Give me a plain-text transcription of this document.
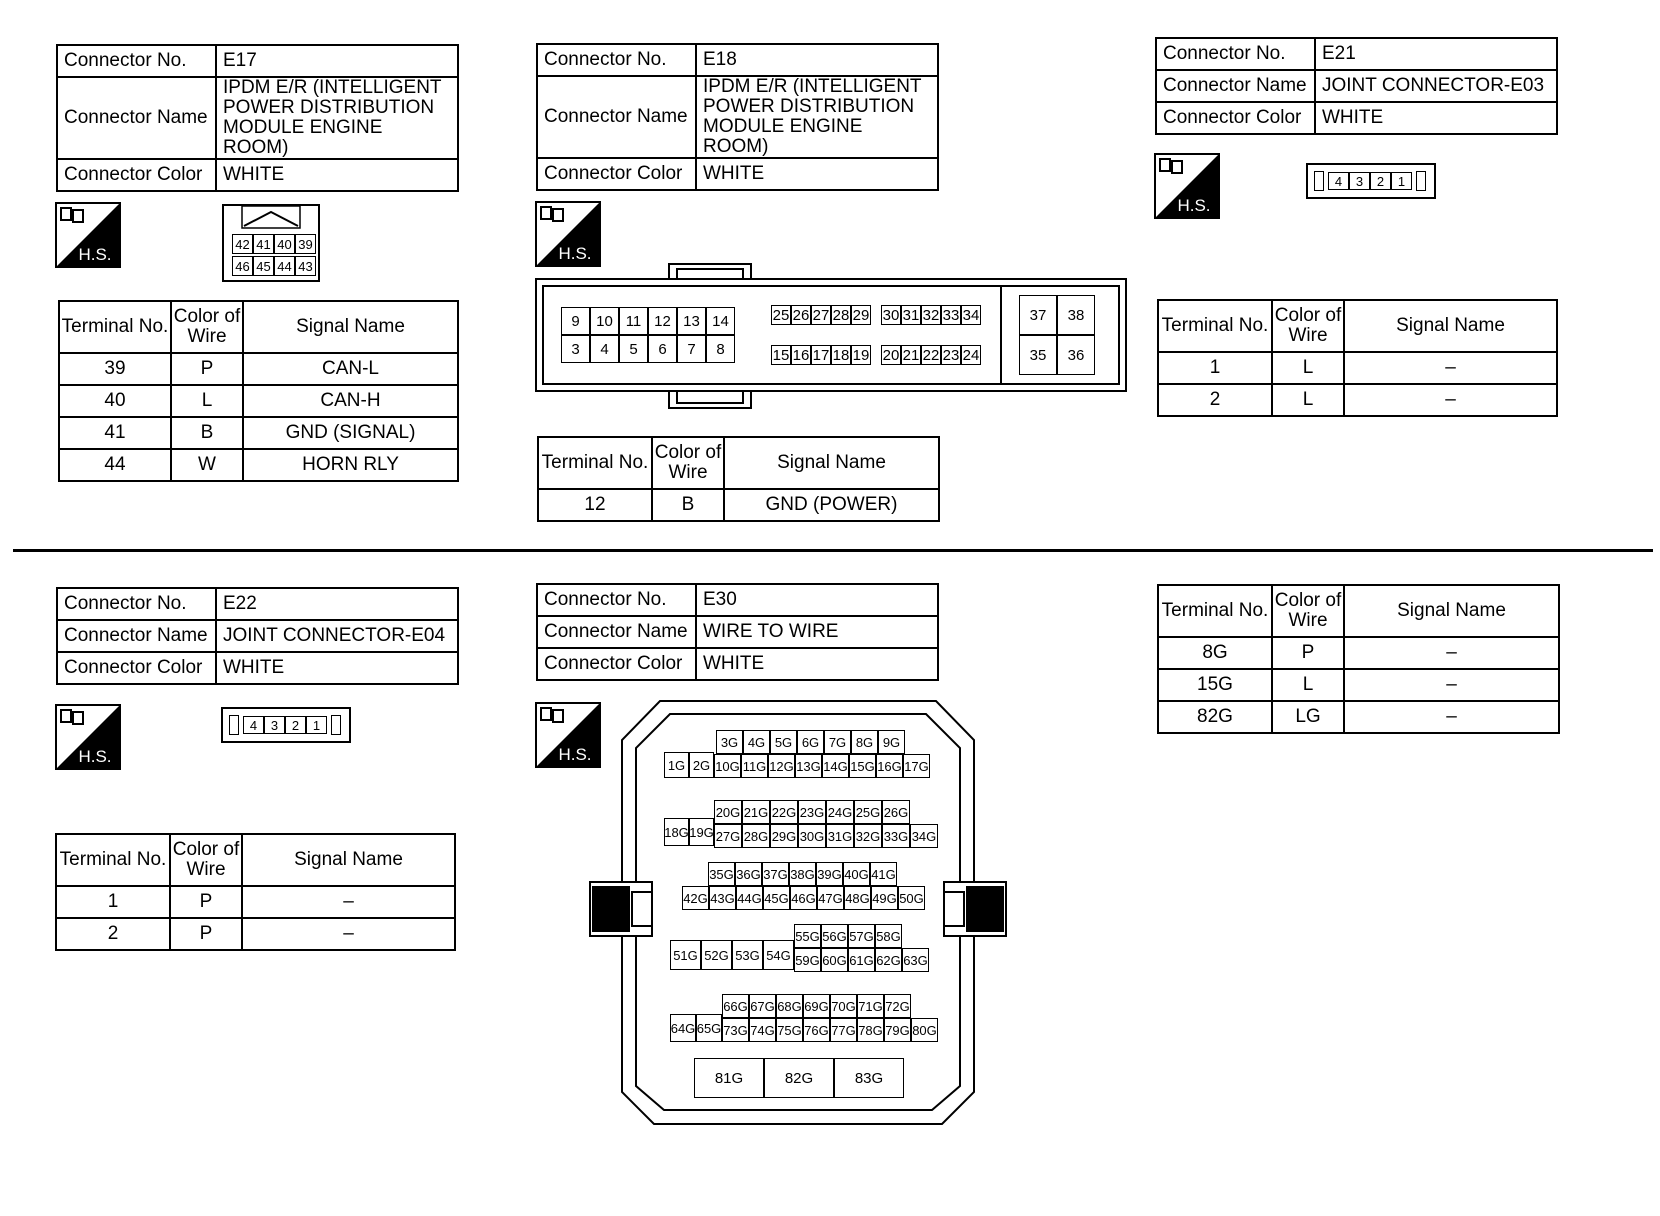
Connector No.	E17
Connector Name	IPDM E/R (INTELLIGENT POWER DISTRIBUTION MODULE ENGINE ROOM)
Connector Color	WHITE
H.S.
42 41 40 39
46 45 44 43
Terminal No.	Color of Wire	Signal Name
39	P	CAN-L
40	L	CAN-H
41	B	GND (SIGNAL)
44	W	HORN RLY
Connector No.	E18
Connector Name	IPDM E/R (INTELLIGENT POWER DISTRIBUTION MODULE ENGINE ROOM)
Connector Color	WHITE
H.S.
9	10 11 12 13 14
3	4	5	6	7	8
25 26 27 28 29
15 16 17 18 19
30 31 32 33 34
20 21 22 23 24
37	38
35	36
Terminal No.	Color of Wire	Signal Name
12	B	GND (POWER)
Connector No.	E21
Connector Name	JOINT CONNECTOR-E03
Connector Color	WHITE
H.S.
4	3	2	1
Terminal No.	Color of Wire	Signal Name
1	L	–
2	L	–
Connector No.	E22
Connector Name	JOINT CONNECTOR-E04
Connector Color	WHITE
H.S.
4	3	2	1
Terminal No.	Color of Wire	Signal Name
1	P	–
2	P	–
Connector No.	E30
Connector Name	WIRE TO WIRE
Connector Color	WHITE
H.S.
1G 2G
3G 4G 5G 6G 7G 8G 9G
10G 11G 12G 13G 14G 15G 16G 17G
18G 19G
20G 21G 22G 23G 24G 25G 26G
27G 28G 29G 30G 31G 32G 33G 34G
35G 36G 37G 38G 39G 40G 41G
42G 43G 44G 45G 46G 47G 48G 49G 50G
51G 52G 53G 54G
55G 56G 57G 58G
59G 60G 61G 62G 63G
64G 65G
66G 67G 68G 69G 70G 71G 72G
73G 74G 75G 76G 77G 78G 79G 80G
81G	82G	83G
Terminal No.	Color of Wire	Signal Name
8G	P	–
15G	L	–
82G	LG	–
